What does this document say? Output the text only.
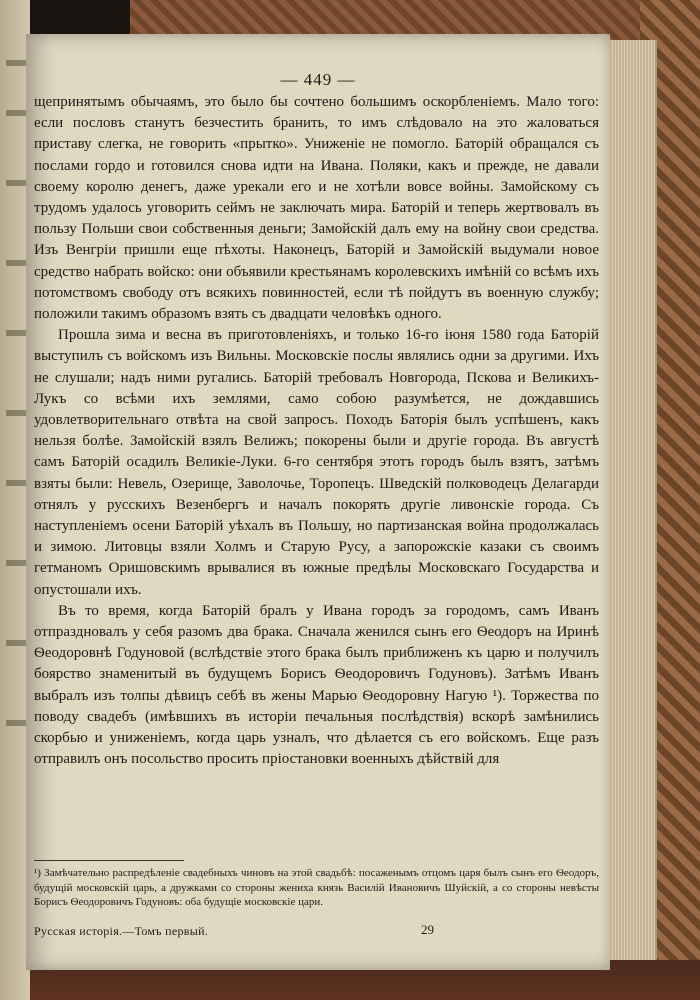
— 449 —

щепринятымъ обычаямъ, это было бы сочтено большимъ оскорбленіемъ. Мало того: если пословъ станутъ безчестить бранить, то имъ слѣдовало на это жаловаться приставу слегка, не говорить «прытко». Униженіе не помогло. Баторій обращался съ послами гордо и готовился снова идти на Ивана. Поляки, какъ и прежде, не давали своему королю денегъ, даже урекали его и не хотѣли вовсе войны. Замойскому съ трудомъ удалось уговорить сеймъ не заключать мира. Баторій и теперь жертвовалъ въ пользу Польши свои собственныя деньги; Замойскій далъ ему на войну свои средства. Изъ Венгріи пришли еще пѣхоты. Наконецъ, Баторій и Замойскій выдумали новое средство набрать войско: они объявили крестьянамъ королевскихъ имѣній со всѣмъ ихъ потомствомъ свободу отъ всякихъ повинностей, если тѣ пойдутъ въ военную службу; положили такимъ образомъ взять съ двадцати человѣкъ одного.

Прошла зима и весна въ приготовленіяхъ, и только 16-го іюня 1580 года Баторій выступилъ съ войскомъ изъ Вильны. Московскіе послы являлись одни за другими. Ихъ не слушали; надъ ними ругались. Баторій требовалъ Новгорода, Пскова и Великихъ-Лукъ со всѣми ихъ землями, само собою разумѣется, не дождавшись удовлетворительнаго отвѣта на свой запросъ. Походъ Баторія былъ успѣшенъ, какъ нельзя болѣе. Замойскій взялъ Велижъ; покорены были и другіе города. Въ августѣ самъ Баторій осадилъ Великіе-Луки. 6-го сентября этотъ городъ былъ взятъ, затѣмъ взяты были: Невель, Озерище, Заволочье, Торопецъ. Шведскій полководецъ Делагарди отнялъ у русскихъ Везенбергъ и началъ покорять другіе ливонскіе города. Съ наступленіемъ осени Баторій уѣхалъ въ Польшу, но партизанская война продолжалась и зимою. Литовцы взяли Холмъ и Старую Русу, а запорожскіе казаки съ своимъ гетманомъ Оришовскимъ врывалися въ южные предѣлы Московскаго Государства и опустошали ихъ.

Въ то время, когда Баторій бралъ у Ивана городъ за городомъ, самъ Иванъ отпраздновалъ у себя разомъ два брака. Сначала женился сынъ его Ѳеодоръ на Иринѣ Ѳеодоровнѣ Годуновой (вслѣдствіе этого брака былъ приближенъ къ царю и получилъ боярство знаменитый въ будущемъ Борисъ Ѳеодоровичъ Годуновъ). Затѣмъ Иванъ выбралъ изъ толпы дѣвицъ себѣ въ жены Марью Ѳеодоровну Нагую ¹). Торжества по поводу свадебъ (имѣвшихъ въ исторіи печальныя послѣдствія) вскорѣ замѣнились скорбью и униженіемъ, когда царь узналъ, что дѣлается съ его войскомъ. Еще разъ отправилъ онъ посольство просить пріостановки военныхъ дѣйствій для

¹) Замѣчательно распредѣленіе свадебныхъ чиновъ на этой свадьбѣ: посаженымъ отцомъ царя былъ сынъ его Ѳеодоръ, будущій московскій царь, а дружками со стороны жениха князь Василій Ивановичъ Шуйскій, а со стороны невѣсты Борисъ Ѳеодоровичъ Годуновъ: оба будущіе московскіе цари.
Русская исторія.—Томъ первый.	29
